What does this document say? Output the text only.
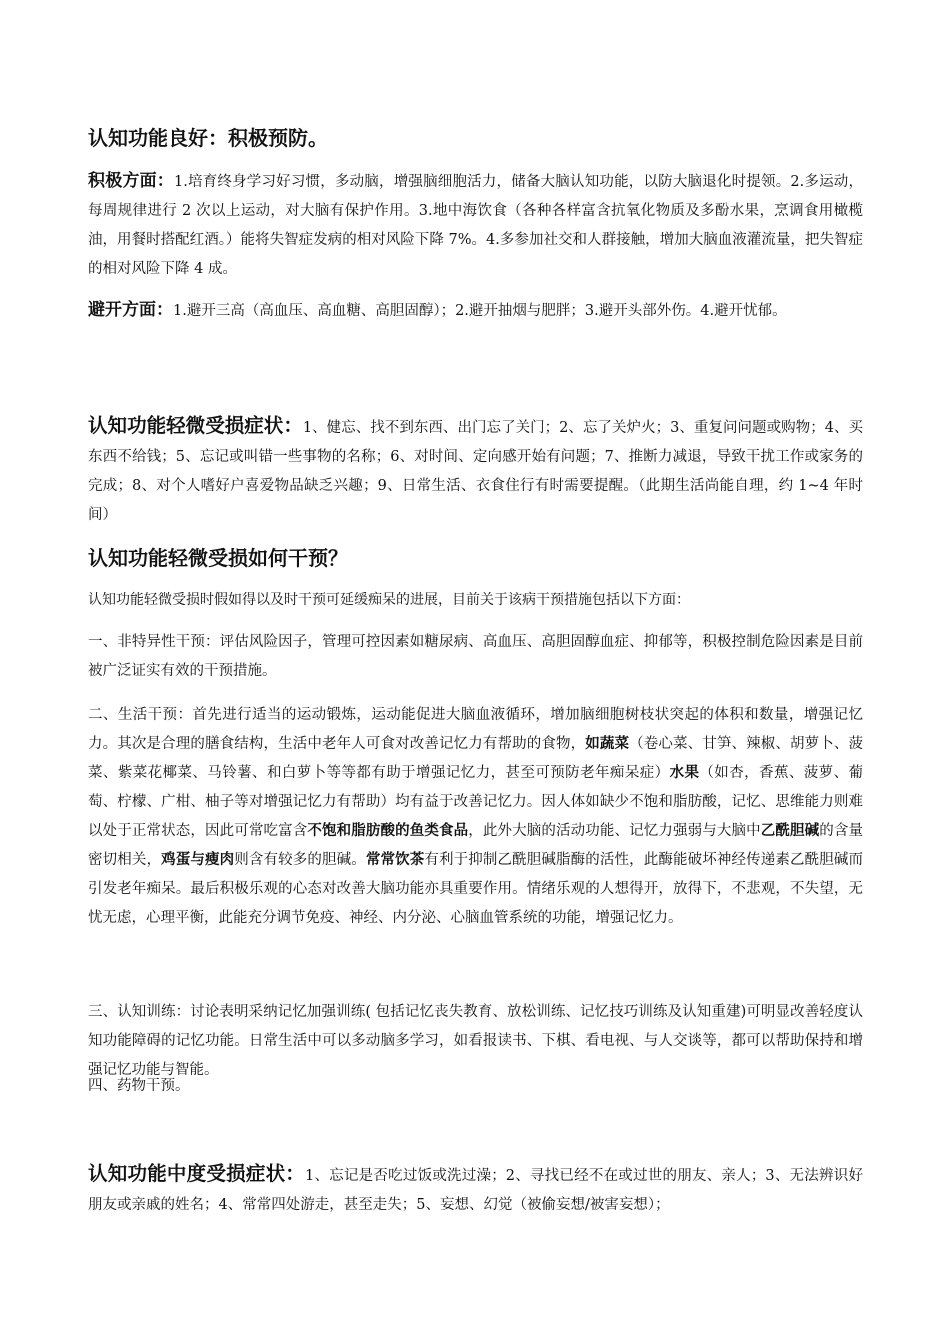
认知功能良好：积极预防。
积极方面：1.培育终身学习好习惯，多动脑，增强脑细胞活力，储备大脑认知功能，以防大脑退化时提领。2.多运动，每周规律进行 2 次以上运动，对大脑有保护作用。3.地中海饮食（各种各样富含抗氧化物质及多酚水果，烹调食用橄榄油，用餐时搭配红酒。）能将失智症发病的相对风险下降 7%。4.多参加社交和人群接触，增加大脑血液灌流量，把失智症的相对风险下降 4 成。
避开方面：1.避开三高（高血压、高血糖、高胆固醇）；2.避开抽烟与肥胖；3.避开头部外伤。4.避开忧郁。
认知功能轻微受损症状：1、健忘、找不到东西、出门忘了关门；2、忘了关炉火；3、重复问问题或购物；4、买东西不给钱；5、忘记或叫错一些事物的名称；6、对时间、定向感开始有问题；7、推断力减退，导致干扰工作或家务的完成；8、对个人嗜好户喜爱物品缺乏兴趣；9、日常生活、衣食住行有时需要提醒。（此期生活尚能自理，约 1~4 年时间）
认知功能轻微受损如何干预？
认知功能轻微受损时假如得以及时干预可延缓痴呆的进展，目前关于该病干预措施包括以下方面：
一、非特异性干预：评估风险因子，管理可控因素如糖尿病、高血压、高胆固醇血症、抑郁等，积极控制危险因素是目前被广泛证实有效的干预措施。
二、生活干预：首先进行适当的运动锻炼，运动能促进大脑血液循环，增加脑细胞树枝状突起的体积和数量，增强记忆力。其次是合理的膳食结构，生活中老年人可食对改善记忆力有帮助的食物，如蔬菜（卷心菜、甘笋、辣椒、胡萝卜、菠菜、紫菜花椰菜、马铃薯、和白萝卜等等都有助于增强记忆力，甚至可预防老年痴呆症）水果（如杏，香蕉、菠萝、葡萄、柠檬、广柑、柚子等对增强记忆力有帮助）均有益于改善记忆力。因人体如缺少不饱和脂肪酸，记忆、思维能力则难以处于正常状态，因此可常吃富含不饱和脂肪酸的鱼类食品，此外大脑的活动功能、记忆力强弱与大脑中乙酰胆碱的含量密切相关，鸡蛋与瘦肉则含有较多的胆碱。常常饮茶有利于抑制乙酰胆碱脂酶的活性，此酶能破坏神经传递素乙酰胆碱而引发老年痴呆。最后积极乐观的心态对改善大脑功能亦具重要作用。情绪乐观的人想得开，放得下，不悲观，不失望，无忧无虑，心理平衡，此能充分调节免疫、神经、内分泌、心脑血管系统的功能，增强记忆力。
三、认知训练：讨论表明采纳记忆加强训练( 包括记忆丧失教育、放松训练、记忆技巧训练及认知重建)可明显改善轻度认知功能障碍的记忆功能。日常生活中可以多动脑多学习，如看报读书、下棋、看电视、与人交谈等，都可以帮助保持和增强记忆功能与智能。
四、药物干预。
认知功能中度受损症状：1、忘记是否吃过饭或洗过澡；2、寻找已经不在或过世的朋友、亲人；3、无法辨识好朋友或亲戚的姓名；4、常常四处游走，甚至走失；5、妄想、幻觉（被偷妄想/被害妄想）；
